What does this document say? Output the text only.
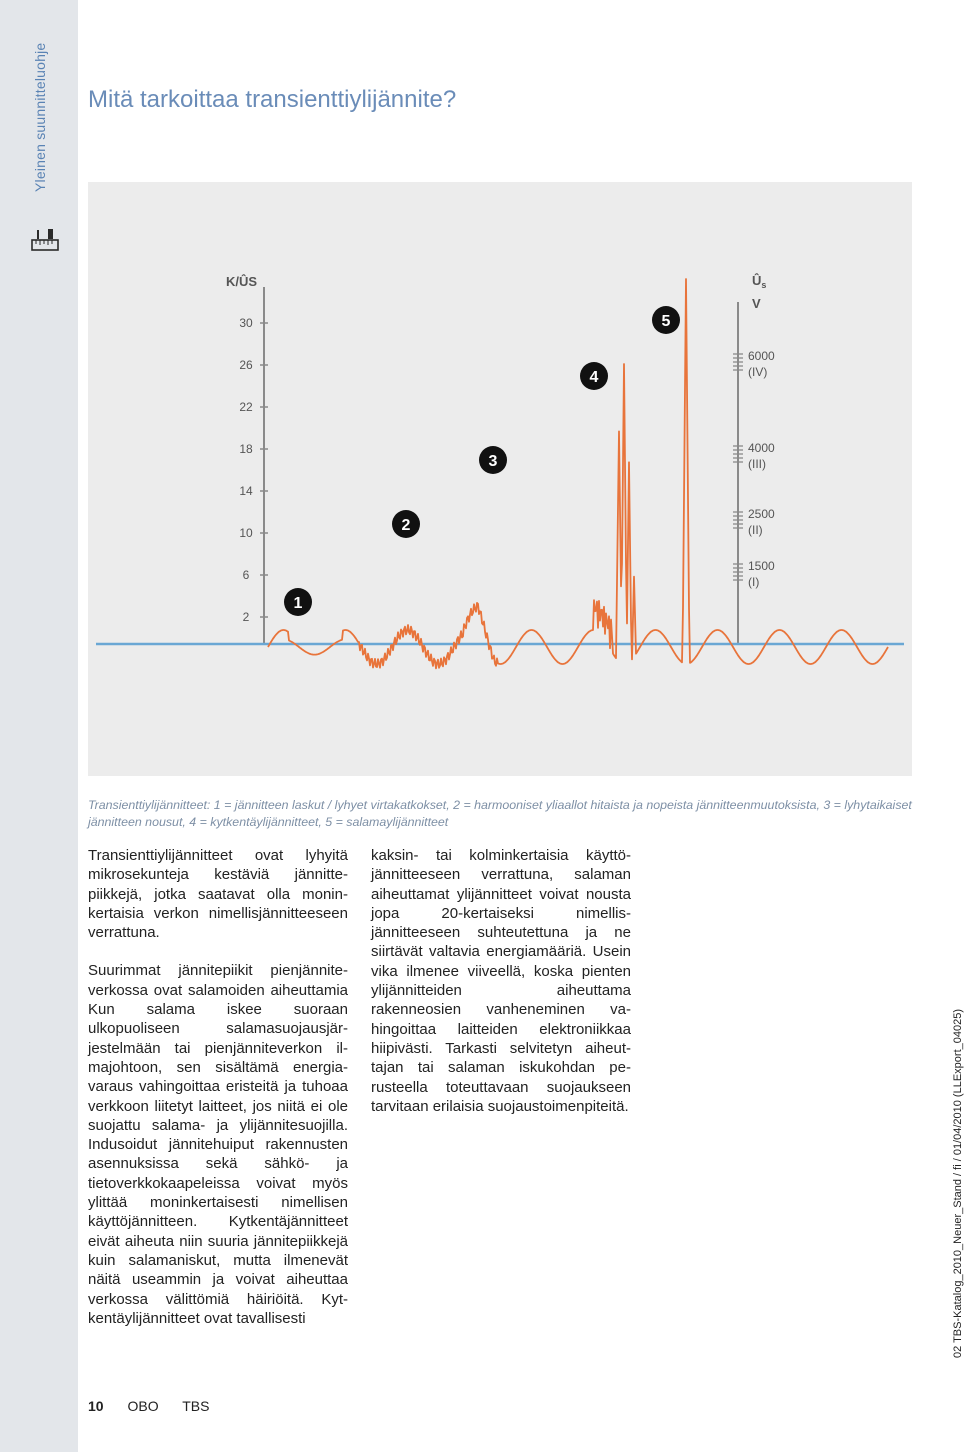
Yleinen suunnitteluohje Mitä tarkoittaa transienttiylijännite?
K/ÛS	$Û_s$
V
30
26
22
18
14
10
6
2
6000
(IV)
4000
(III)
2500
(II)
1500
(I)
1
2
3
4
5

Transienttiylijännitteet: 1 = jännitteen laskut / lyhyet virtakatkokset, 2 = harmooniset yliaallot hitaista ja nopeista jännitteenmuutoksista, 3 = lyhytaikaiset jännitteen nousut, 4 = kytkentäylijännitteet, 5 = salamaylijännitteet

Transienttiylijännitteet ovat lyhyitä mikrosekunteja kestäviä jännittepiikkejä, jotka saatavat olla moninkertaisia verkon nimellisjännitteeseen verrattuna.

Suurimmat jännitepiikit pienjänniteverkossa ovat salamoiden aiheuttamia Kun salama iskee suoraan ulkopuoliseen salamasuojausjärjestelmään tai pienjänniteverkon ilmajohtoon, sen sisältämä energiavaraus vahingoittaa eristeitä ja tuhoaa verkkoon liitetyt laitteet, jos niitä ei ole suojattu salama- ja ylijännitesuojilla. Indusoidut jännitehuiput rakennusten asennuksissa sekä sähkö- ja tietoverkkokaapeleissa voivat myös ylittää moninkertaisesti nimellisen käyttöjännitteen. Kytkentäjännitteet eivät aiheuta niin suuria jännitepiikkejä kuin salamaniskut, mutta ilmenevät näitä useammin ja voivat aiheuttaa verkossa välittömiä häiriöitä. Kytkentäylijännitteet ovat tavallisesti

kaksin- tai kolminkertaisia käyttöjännitteeseen verrattuna, salaman aiheuttamat ylijännitteet voivat nousta jopa 20-kertaiseksi nimellisjännitteeseen suhteutettuna ja ne siirtävät valtavia energiamääriä. Usein vika ilmenee viiveellä, koska pienten ylijännitteiden aiheuttama rakenneosien vanheneminen vahingoittaa laitteiden elektroniikkaa hiipivästi. Tarkasti selvitetyn aiheuttajan tai salaman iskukohdan perusteella toteuttavaan suojaukseen tarvitaan erilaisia suojaustoimenpiteitä.

10 OBO TBS
02 TBS-Katalog_2010_Neuer_Stand / fi / 01/04/2010 (LLExport_04025)
